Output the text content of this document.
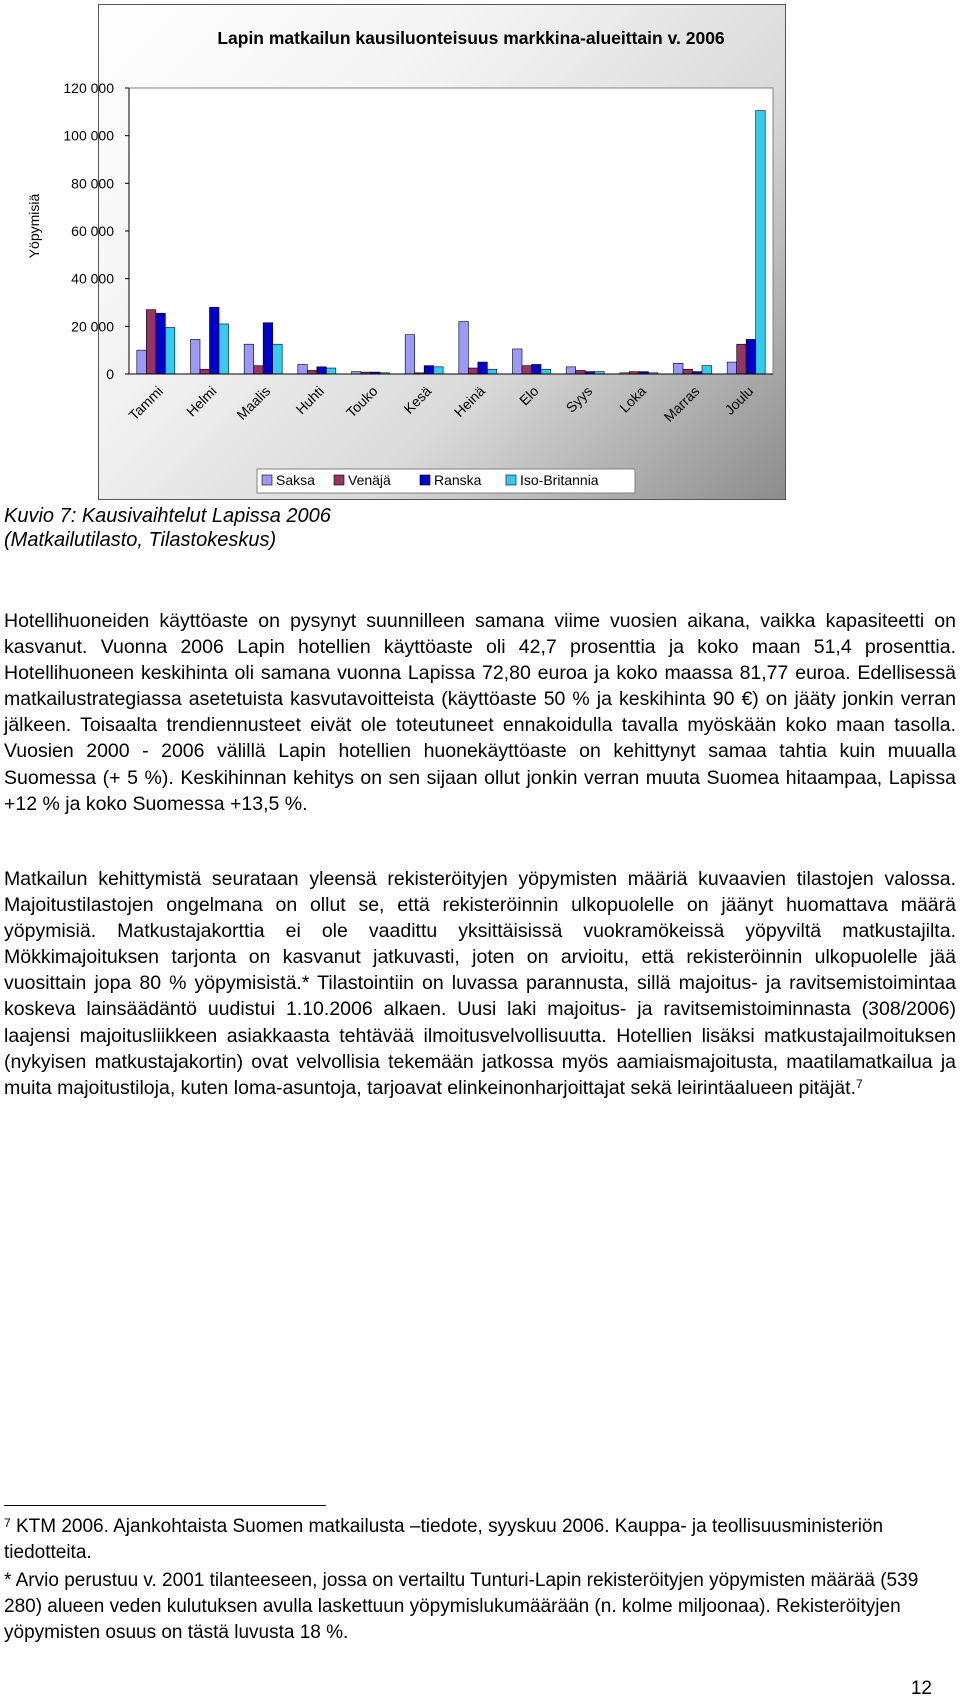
Lapin matkailun kausiluonteisuus markkina-alueittain v. 2006
Yöpymisiä
0
20 000
40 000
60 000
80 000
100 000
120 000
Tammi Helmi Maalis Huhti Touko Kesä Heinä Elo Syys Loka Marras Joulu
Saksa Venäjä	Ranska	Iso-Britannia
Kuvio 7: Kausivaihtelut Lapissa 2006
(Matkailutilasto, Tilastokeskus)
Hotellihuoneiden käyttöaste on pysynyt suunnilleen samana viime vuosien aikana, vaikka kapasiteetti on kasvanut. Vuonna 2006 Lapin hotellien käyttöaste oli 42,7 prosenttia ja koko maan 51,4 prosenttia. Hotellihuoneen keskihinta oli samana vuonna Lapissa 72,80 euroa ja koko maassa 81,77 euroa. Edellisessä matkailustrategiassa asetetuista kasvutavoitteista (käyttöaste 50 % ja keskihinta 90 €) on jääty jonkin verran jälkeen. Toisaalta trendiennusteet eivät ole toteutuneet ennakoidulla tavalla myöskään koko maan tasolla. Vuosien 2000 - 2006 välillä Lapin hotellien huonekäyttöaste on kehittynyt samaa tahtia kuin muualla Suomessa (+ 5 %). Keskihinnan kehitys on sen sijaan ollut jonkin verran muuta Suomea hitaampaa, Lapissa +12 % ja koko Suomessa +13,5 %.
Matkailun kehittymistä seurataan yleensä rekisteröityjen yöpymisten määriä kuvaavien tilastojen valossa. Majoitustilastojen ongelmana on ollut se, että rekisteröinnin ulkopuolelle on jäänyt huomattava määrä yöpymisiä. Matkustajakorttia ei ole vaadittu yksittäisissä vuokramökeissä yöpyviltä matkustajilta. Mökkimajoituksen tarjonta on kasvanut jatkuvasti, joten on arvioitu, että rekisteröinnin ulkopuolelle jää vuosittain jopa 80 % yöpymisistä.* Tilastointiin on luvassa parannusta, sillä majoitus- ja ravitsemistoimintaa koskeva lainsäädäntö uudistui 1.10.2006 alkaen. Uusi laki majoitus- ja ravitsemistoiminnasta (308/2006) laajensi majoitusliikkeen asiakkaasta tehtävää ilmoitusvelvollisuutta. Hotellien lisäksi matkustajailmoituksen (nykyisen matkustajakortin) ovat velvollisia tekemään jatkossa myös aamiaismajoitusta, maatilamatkailua ja muita majoitustiloja, kuten loma-asuntoja, tarjoavat elinkeinonharjoittajat sekä leirintäalueen pitäjät.$^7$
$^7$ KTM 2006. Ajankohtaista Suomen matkailusta –tiedote, syyskuu 2006. Kauppa- ja teollisuusministeriön tiedotteita.
* Arvio perustuu v. 2001 tilanteeseen, jossa on vertailtu Tunturi-Lapin rekisteröityjen yöpymisten määrää (539 280) alueen veden kulutuksen avulla laskettuun yöpymislukumäärään (n. kolme miljoonaa). Rekisteröityjen yöpymisten osuus on tästä luvusta 18 %.
12
